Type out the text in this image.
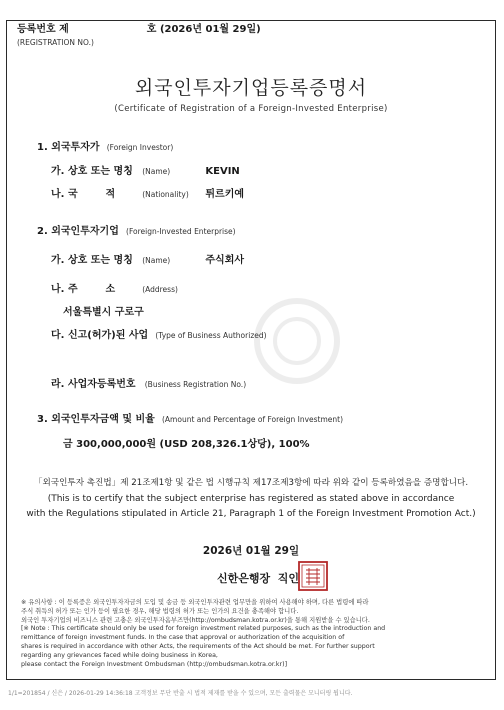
등록번호 제	호 (2026년 01월 29일)
(REGISTRATION NO.)
외국인투자기업등록증명서
(Certificate of Registration of a Foreign-Invested Enterprise)
1. 외국투자가 (Foreign Investor)
가. 상호 또는 명칭 (Name)	KEVIN
나. 국        적	(Nationality) 튀르키예
2. 외국인투자기업 (Foreign-Invested Enterprise)
가. 상호 또는 명칭 (Name)	주식회사
나. 주        소	(Address)
서울특별시 구로구
다. 신고(허가)된 사업 (Type of Business Authorized)
라. 사업자등록번호 (Business Registration No.)
3. 외국인투자금액 및 비율 (Amount and Percentage of Foreign Investment)
금 300,000,000원 (USD 208,326.1상당), 100%
「외국인투자 촉진법」제 21조제1항 및 같은 법 시행규칙 제17조제3항에 따라 위와 같이 등록하였음을 증명합니다.
(This is to certify that the subject enterprise has registered as stated above in accordance
with the Regulations stipulated in Article 21, Paragraph 1 of the Foreign Investment Promotion Act.)
2026년 01월 29일
신한은행장  직인
※ 유의사항 : 이 등록증은 외국인투자자금의 도입 및 송금 등 외국인투자관련 업무만을 위하여 사용해야 하며, 다른 법령에 따라
주식 취득의 허가 또는 인가 등이 필요한 경우, 해당 법령의 허가 또는 인가의 요건을 충족해야 합니다.
외국인 투자기업의 비즈니스 관련 고충은 외국인투자옴부즈만(http://ombudsman.kotra.or.kr)을 통해 지원받을 수 있습니다.
[※ Note : This certificate should only be used for foreign investment related purposes, such as the introduction and
remittance of foreign investment funds. In the case that approval or authorization of the acquisition of
shares is required in accordance with other Acts, the requirements of the Act should be met. For further support
regarding any grievances faced while doing business in Korea,
please contact the Foreign Investment Ombudsman (http://ombudsman.kotra.or.kr)]
1/1=201854 / 신은 / 2026-01-29 14:36:18 고객정보 무단 반출 시 법적 제재를 받을 수 있으며, 모든 출력물은 모니터링 됩니다.
